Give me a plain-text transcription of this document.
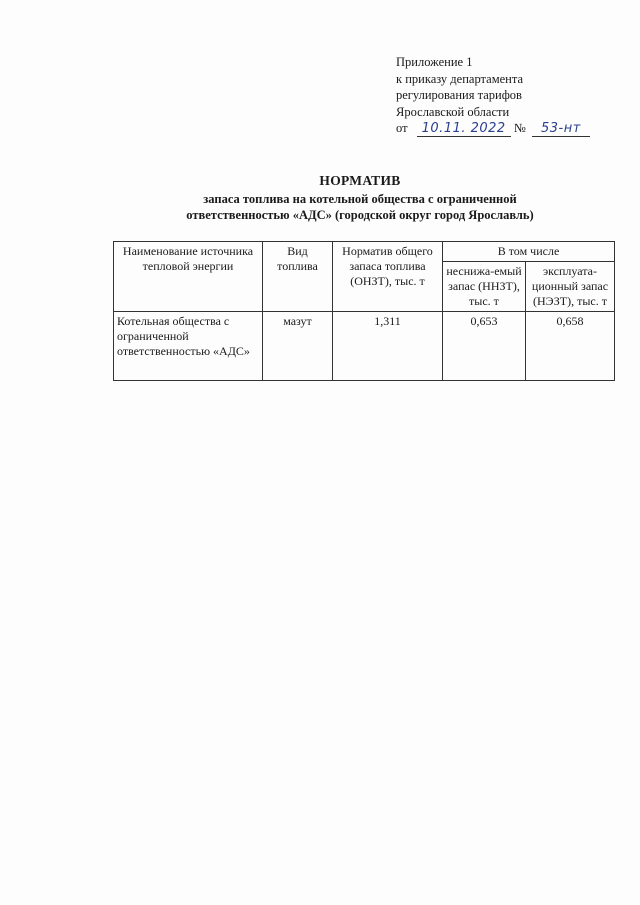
Приложение 1
к приказу департамента
регулирования тарифов
Ярославской области
от 10.11. 2022 № 53-нт
НОРМАТИВ
запаса топлива на котельной общества с ограниченной
ответственностью «АДС» (городской округ город Ярославль)
Наименование источника тепловой энергии	Вид топлива	Норматив общего запаса топлива (ОНЗТ), тыс. т	В том числе	
			неснижа-емый запас (ННЗТ), тыс. т	эксплуата-ционный запас (НЭЗТ), тыс. т
Котельная общества с ограниченной ответственностью «АДС»	мазут	1,311	0,653	0,658
